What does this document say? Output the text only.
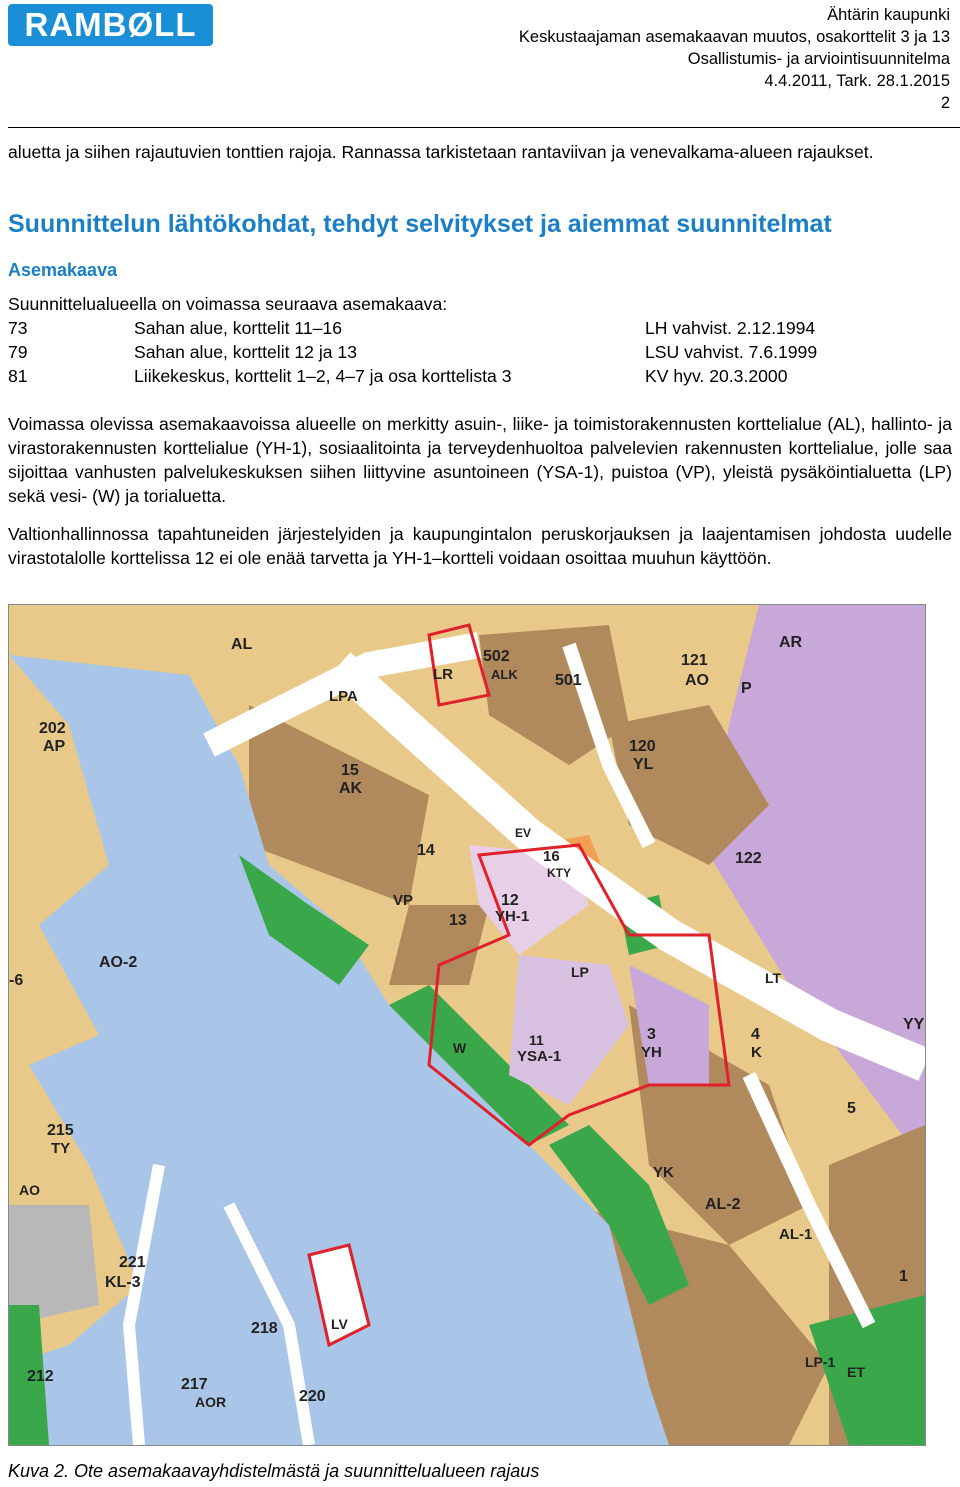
RAMBØLL	Ähtärin kaupunki
Keskustaajaman asemakaavan muutos, osakorttelit 3 ja 13
Osallistumis- ja arviointisuunnitelma
4.4.2011, Tark. 28.1.2015
2
aluetta ja siihen rajautuvien tonttien rajoja. Rannassa tarkistetaan rantaviivan ja venevalkama-alueen rajaukset.
Suunnittelun lähtökohdat, tehdyt selvitykset ja aiemmat suunnitelmat
Asemakaava
Suunnittelualueella on voimassa seuraava asemakaava:
73	Sahan alue, korttelit 11–16	LH vahvist. 2.12.1994
79	Sahan alue, korttelit 12 ja 13	LSU vahvist. 7.6.1999
81	Liikekeskus, korttelit 1–2, 4–7 ja osa korttelista 3	KV hyv. 20.3.2000
Voimassa olevissa asemakaavoissa alueelle on merkitty asuin-, liike- ja toimistorakennusten korttelialue (AL), hallinto- ja virastorakennusten korttelialue (YH-1), sosiaalitointa ja terveydenhuoltoa palvelevien rakennusten korttelialue, jolle saa sijoittaa vanhusten palvelukeskuksen siihen liittyvine asuntoineen (YSA-1), puistoa (VP), yleistä pysäköintialuetta (LP) sekä vesi- (W) ja torialuetta.
Valtionhallinnossa tapahtuneiden järjestelyiden ja kaupungintalon peruskorjauksen ja laajentamisen johdosta uudelle virastotalolle korttelissa 12 ei ole enää tarvetta ja YH-1–kortteli voidaan osoittaa muuhun käyttöön.
AL
202
AP
LPA
LR
502
ALK 501
121
AO
AR
P
15
AK
120
YL
14	16
KTY
EV
122
VP	12
YH-1
13
AO-2
LP	LT
W	11
YSA-1
3
YH
4
K
YY
215
TY
5
YK
AL-2
AL-1
221
KL-3
218	LV
212	217
AOR	220
LP-1
ET
1
-6
AO
Kuva 2. Ote asemakaavayhdistelmästä ja suunnittelualueen rajaus
